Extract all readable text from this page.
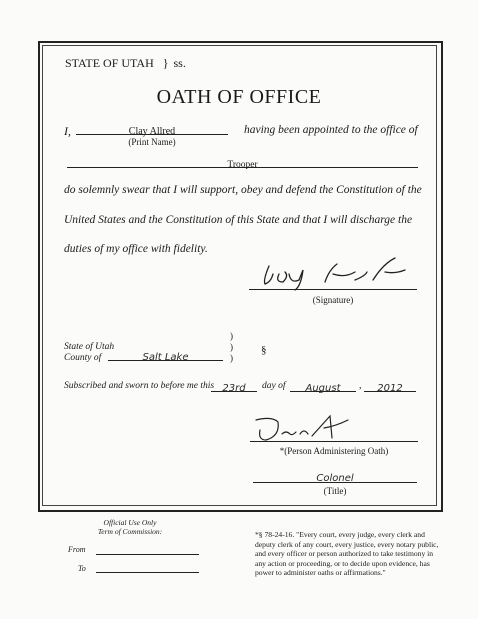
STATE OF UTAH } ss.
OATH OF OFFICE
I,	Clay Allred
(Print Name)
having been appointed to the office of
Trooper
do solemnly swear that I will support, obey and defend the Constitution of the
United States and the Constitution of this State and that I will discharge the
duties of my office with fidelity.
(Signature)
State of Utah
County of	Salt Lake
)
)
)
§
Subscribed and sworn to before me this 23rd	day of	August	,	2012
*(Person Administering Oath)
Colonel
(Title)
Official Use Only
Term of Commission:
From
To
*§ 78-24-16. "Every court, every judge, every clerk and deputy clerk of any court, every justice, every notary public, and every officer or person authorized to take testimony in any action or proceeding, or to decide upon evidence, has power to administer oaths or affirmations."
